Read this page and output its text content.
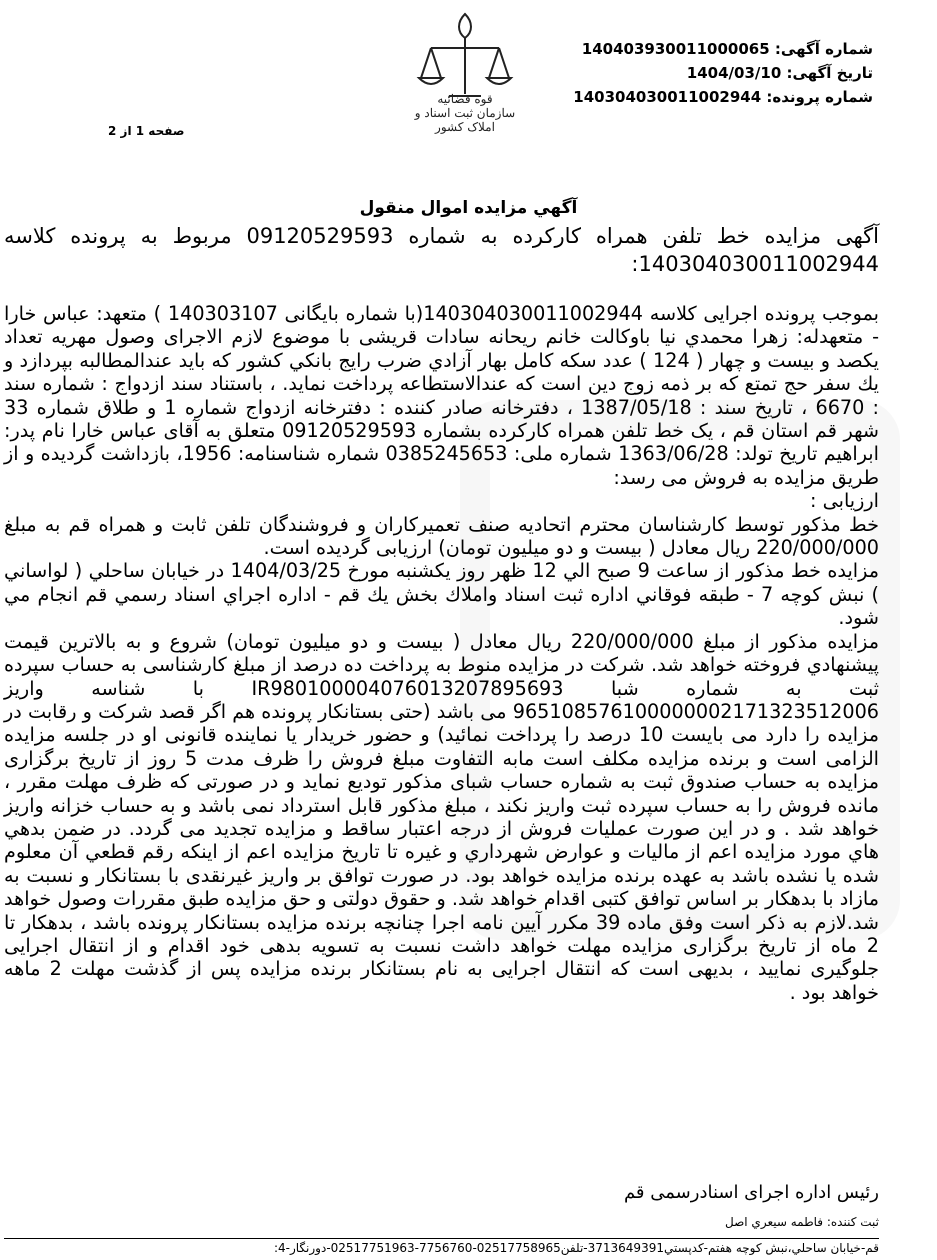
قوه قضائیه
سازمان ثبت اسناد و املاک کشور
شماره آگهی: 14040393001100006‌5
تاریخ آگهی: 1404/03/10
شماره پرونده: 14030403001100294‌4
صفحه 1 از 2
آگهي مزايده اموال منقول
آگهی مزایده خط تلفن همراه کارکرده به شماره 09120529593 مربوط به پرونده کلاسه 140304030011002944:

بموجب پرونده اجرایی کلاسه 140304030011002944(با شماره بایگانی 140303107 ) متعهد: عباس خارا - متعهدله: زهرا محمدي نيا باوکالت خانم ريحانه سادات قريشی با موضوع لازم الاجرای وصول مهريه تعداد يکصد و بيست و چهار ( 124 ) عدد سکه کامل بهار آزادي ضرب رايج بانکي کشور که بايد عندالمطالبه بپردازد و يك سفر حج تمتع که بر ذمه زوج دين است که عندالاستطاعه پرداخت نمايد. ، باستناد سند ازدواج : شماره سند : 6670 ، تاريخ سند : 1387/05/18 ، دفترخانه صادر کننده : دفترخانه ازدواج شماره 1 و طلاق شماره 33 شهر قم استان قم ، یک خط تلفن همراه کارکرده بشماره 09120529593 متعلق به آقای عباس خارا نام پدر: ابراهیم تاریخ تولد: 1363/06/28 شماره ملی: 0385245653 شماره شناسنامه: 1956، بازداشت گرديده و از طريق مزايده به فروش می رسد:

ارزيابی :

خط مذکور توسط کارشناسان محترم اتحاديه صنف تعميرکاران و فروشندگان تلفن ثابت و همراه قم به مبلغ 220/000/000 ريال معادل ( بيست و دو ميليون تومان) ارزيابی گرديده است.

مزايده خط مذکور از ساعت 9 صبح الي 12 ظهر روز يکشنبه مورخ 1404/03/25 در خيابان ساحلي ( لواساني ) نبش کوچه 7 - طبقه فوقاني اداره ثبت اسناد واملاك بخش يك قم - اداره اجراي اسناد رسمي قم انجام مي شود.

مزايده مذکور از مبلغ 220/000/000 ريال معادل ( بيست و دو ميليون تومان) شروع و به بالاترين قيمت پيشنهادي فروخته خواهد شد. شرکت در مزايده منوط به پرداخت ده درصد از مبلغ کارشناسی به حساب سپرده ثبت به شماره شبا IR980100004076013207895693 با شناسه واريز 965108576100000002171323512006 می باشد (حتی بستانکار پرونده هم اگر قصد شرکت و رقابت در مزايده را دارد می بايست 10 درصد را پرداخت نمائيد) و حضور خريدار يا نماينده قانونی او در جلسه مزايده الزامی است و برنده مزايده مکلف است مابه التفاوت مبلغ فروش را ظرف مدت 5 روز از تاريخ برگزاری مزايده به حساب صندوق ثبت به شماره حساب شبای مذکور توديع نمايد و در صورتی که ظرف مهلت مقرر ، مانده فروش را به حساب سپرده ثبت واريز نکند ، مبلغ مذکور قابل استرداد نمی باشد و به حساب خزانه واريز خواهد شد . و در اين صورت عمليات فروش از درجه اعتبار ساقط و مزايده تجديد می گردد. در ضمن بدهي هاي مورد مزايده اعم از ماليات و عوارض شهرداري و غيره تا تاريخ مزايده اعم از اينکه رقم قطعي آن معلوم شده يا نشده باشد به عهده برنده مزايده خواهد بود. در صورت توافق بر واريز غيرنقدی با بستانکار و نسبت به مازاد با بدهکار بر اساس توافق کتبی اقدام خواهد شد. و حقوق دولتی و حق مزايده طبق مقررات وصول خواهد شد.لازم به ذکر است وفق ماده 39 مکرر آيين نامه اجرا چنانچه برنده مزايده بستانکار پرونده باشد ، بدهکار تا 2 ماه از تاريخ برگزاری مزايده مهلت خواهد داشت نسبت به تسويه بدهی خود اقدام و از انتقال اجرايی جلوگيری نماييد ، بديهی است که انتقال اجرايی به نام بستانکار برنده مزايده پس از گذشت مهلت 2 ماهه خواهد بود .

رئيس اداره اجرای اسنادرسمی قم
ثبت کننده: فاطمه سيعري اصل
قم-خيابان ساحلي،نبش کوچه هفتم-کدپستي3713649391-تلفن02517758965-7756760-02517751963-دورنگار-4:
